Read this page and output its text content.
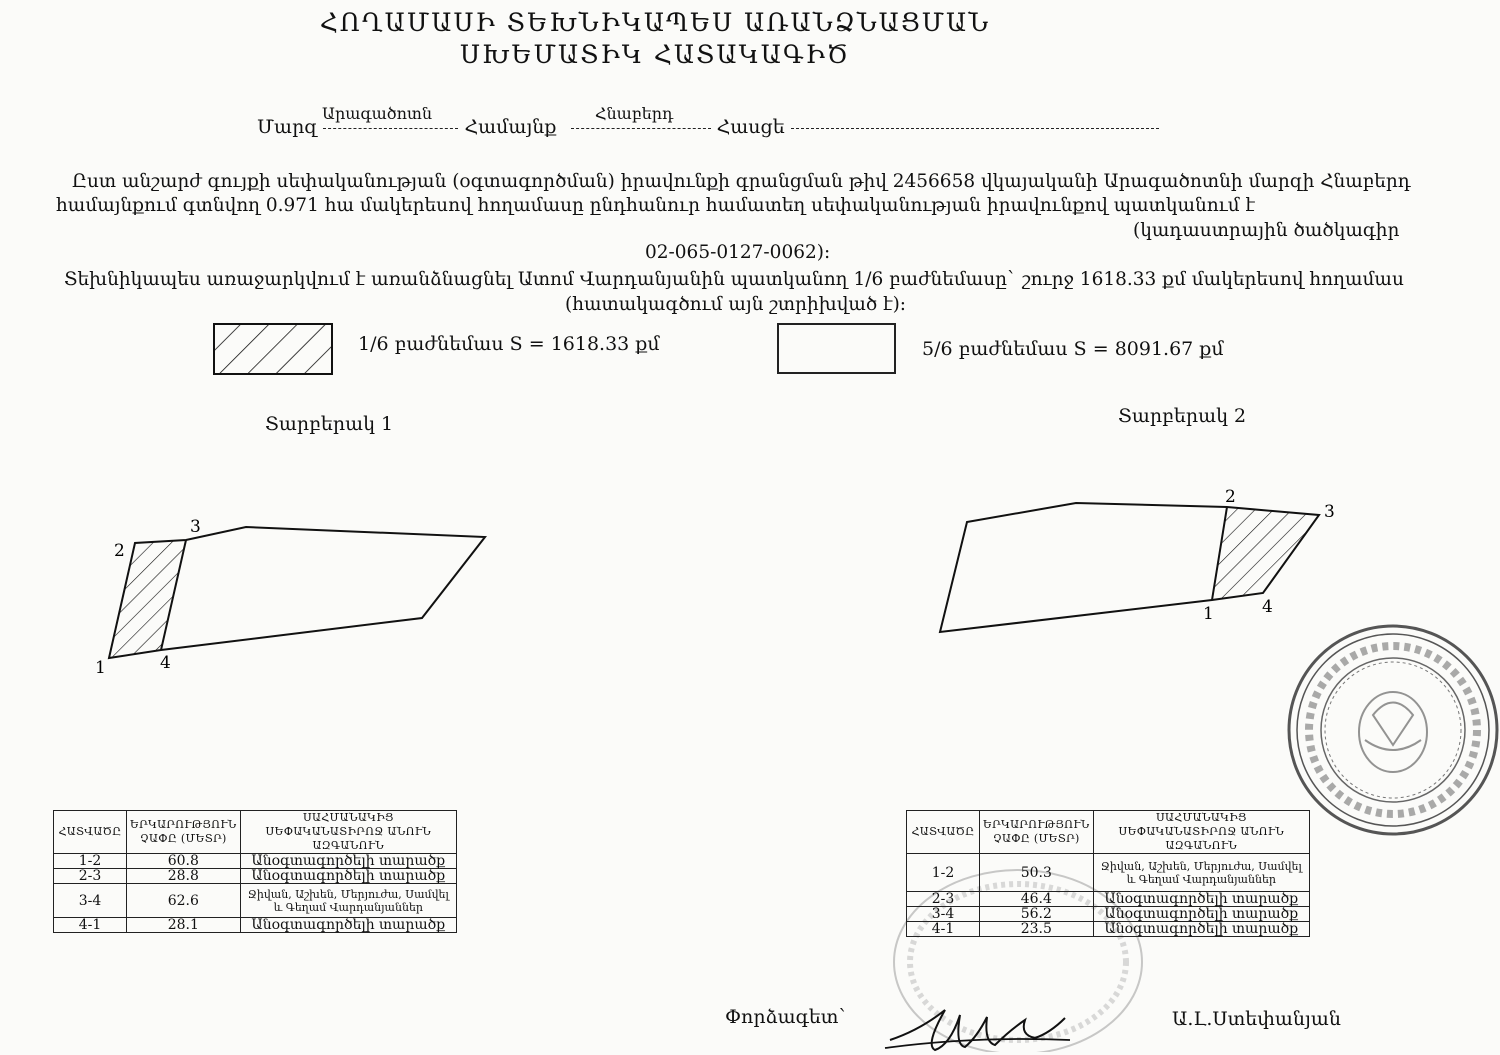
ՀՈՂԱՄԱՍԻ ՏԵԽՆԻԿԱՊԵՍ ԱՌԱՆՁՆԱՑՄԱՆ
ՍԽԵՄԱՏԻԿ ՀԱՏԱԿԱԳԻԾ
Մարզ	Համայնք	Հասցե
Արագածոտն	Հնաբերդ
Ըստ անշարժ գույքի սեփականության (օգտագործման) իրավունքի գրանցման թիվ 2456658 վկայականի Արագածոտնի մարզի Հնաբերդ
համայնքում գտնվող 0.971 հա մակերեսով հողամասը ընդհանուր համատեղ սեփականության իրավունքով պատկանում է
(կադաստրային ծածկագիր
02-065-0127-0062):
Տեխնիկապես առաջարկվում է առանձնացնել Ատոմ Վարդանյանին պատկանող 1/6 բաժնեմասը` շուրջ 1618.33 քմ մակերեսով հողամաս
(հատակագծում այն շտրիխված է):
1/6 բաժնեմաս S = 1618.33 քմ	5/6 բաժնեմաս S = 8091.67 քմ
Տարբերակ 1	Տարբերակ 2
1
2
3
4
1
2
3
4
ՀԱՏՎԱԾԸ	ԵՐԿԱՐՈՒԹՅՈՒՆ ՉԱՓԸ (ՄԵՏՐ)	ՍԱՀՄԱՆԱԿԻՑ ՍԵՓԱԿԱՆԱՏԻՐՈՋ ԱՆՈՒՆ ԱԶԳԱՆՈՒՆ
1-2	60.8	Անօգտագործելի տարածք
2-3	28.8	Անօգտագործելի տարածք
3-4	62.6	Ջիվան, Աշխեն, Մերյուժա, Սամվել և Գեղամ Վարդանյաններ
4-1	28.1	Անօգտագործելի տարածք
ՀԱՏՎԱԾԸ	ԵՐԿԱՐՈՒԹՅՈՒՆ ՉԱՓԸ (ՄԵՏՐ)	ՍԱՀՄԱՆԱԿԻՑ ՍԵՓԱԿԱՆԱՏԻՐՈՋ ԱՆՈՒՆ ԱԶԳԱՆՈՒՆ
1-2	50.3	Ջիվան, Աշխեն, Մերյուժա, Սամվել և Գեղամ Վարդանյաններ
2-3	46.4	Անօգտագործելի տարածք
3-4	56.2	Անօգտագործելի տարածք
4-1	23.5	Անօգտագործելի տարածք
Փորձագետ`	Ա.Լ.Ստեփանյան
